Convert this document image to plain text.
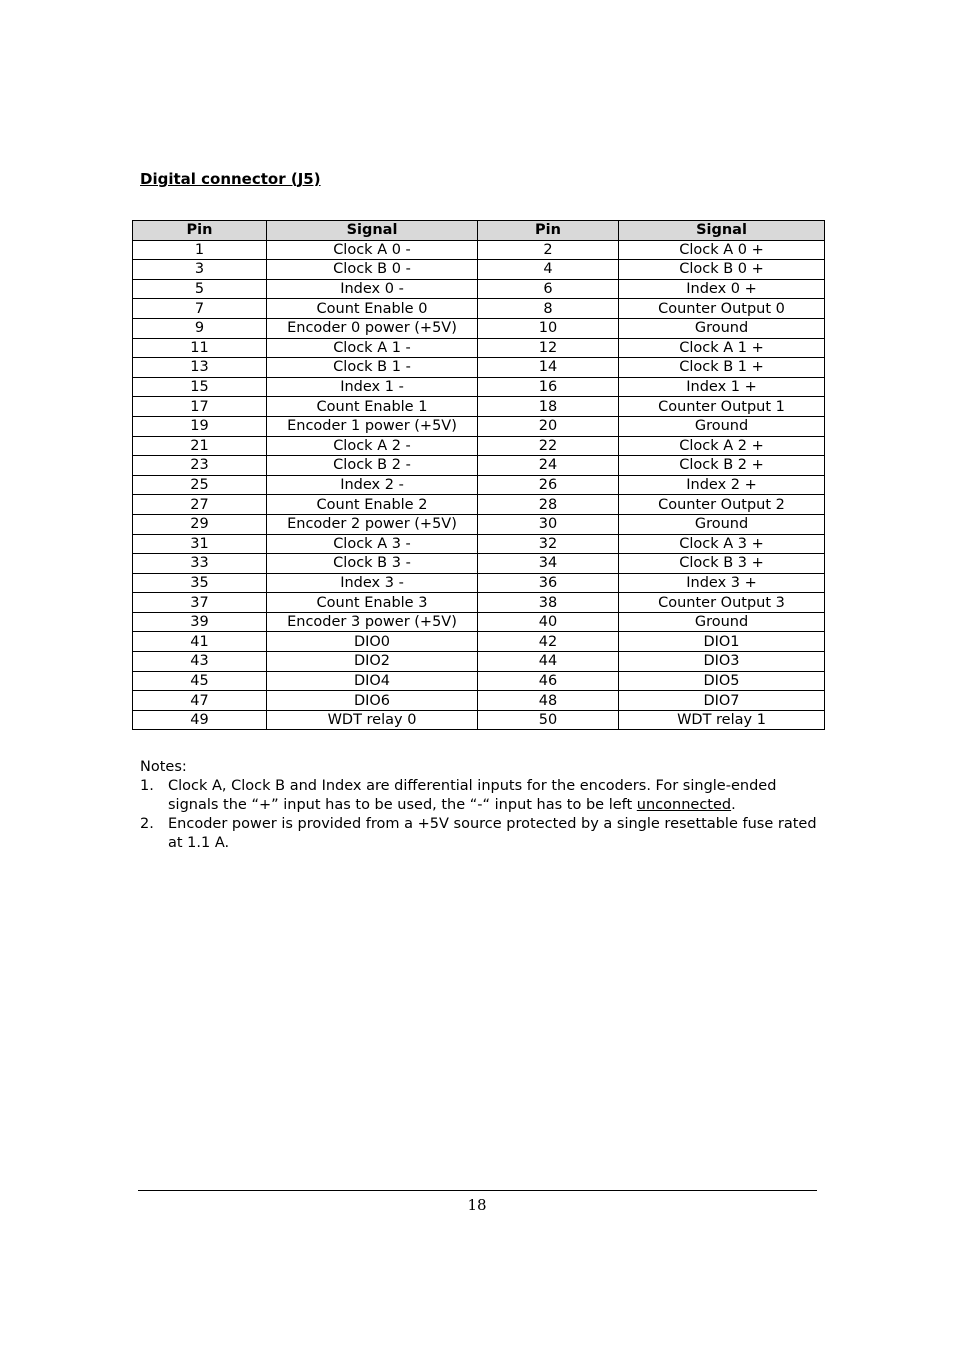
Digital connector (J5)
Pin	Signal	Pin	Signal
1	Clock A 0 -	2	Clock A 0 +
3	Clock B 0 -	4	Clock B 0 +
5	Index 0 -	6	Index 0 +
7	Count Enable 0	8	Counter Output 0
9	Encoder 0 power (+5V)	10	Ground
11	Clock A 1 -	12	Clock A 1 +
13	Clock B 1 -	14	Clock B 1 +
15	Index 1 -	16	Index 1 +
17	Count Enable 1	18	Counter Output 1
19	Encoder 1 power (+5V)	20	Ground
21	Clock A 2 -	22	Clock A 2 +
23	Clock B 2 -	24	Clock B 2 +
25	Index 2 -	26	Index 2 +
27	Count Enable 2	28	Counter Output 2
29	Encoder 2 power (+5V)	30	Ground
31	Clock A 3 -	32	Clock A 3 +
33	Clock B 3 -	34	Clock B 3 +
35	Index 3 -	36	Index 3 +
37	Count Enable 3	38	Counter Output 3
39	Encoder 3 power (+5V)	40	Ground
41	DIO0	42	DIO1
43	DIO2	44	DIO3
45	DIO4	46	DIO5
47	DIO6	48	DIO7
49	WDT relay 0	50	WDT relay 1

Notes:

1. Clock A, Clock B and Index are differential inputs for the encoders. For single-ended signals the “+” input has to be used, the “-“ input has to be left unconnected.
2. Encoder power is provided from a +5V source protected by a single resettable fuse rated at 1.1 A.
18
